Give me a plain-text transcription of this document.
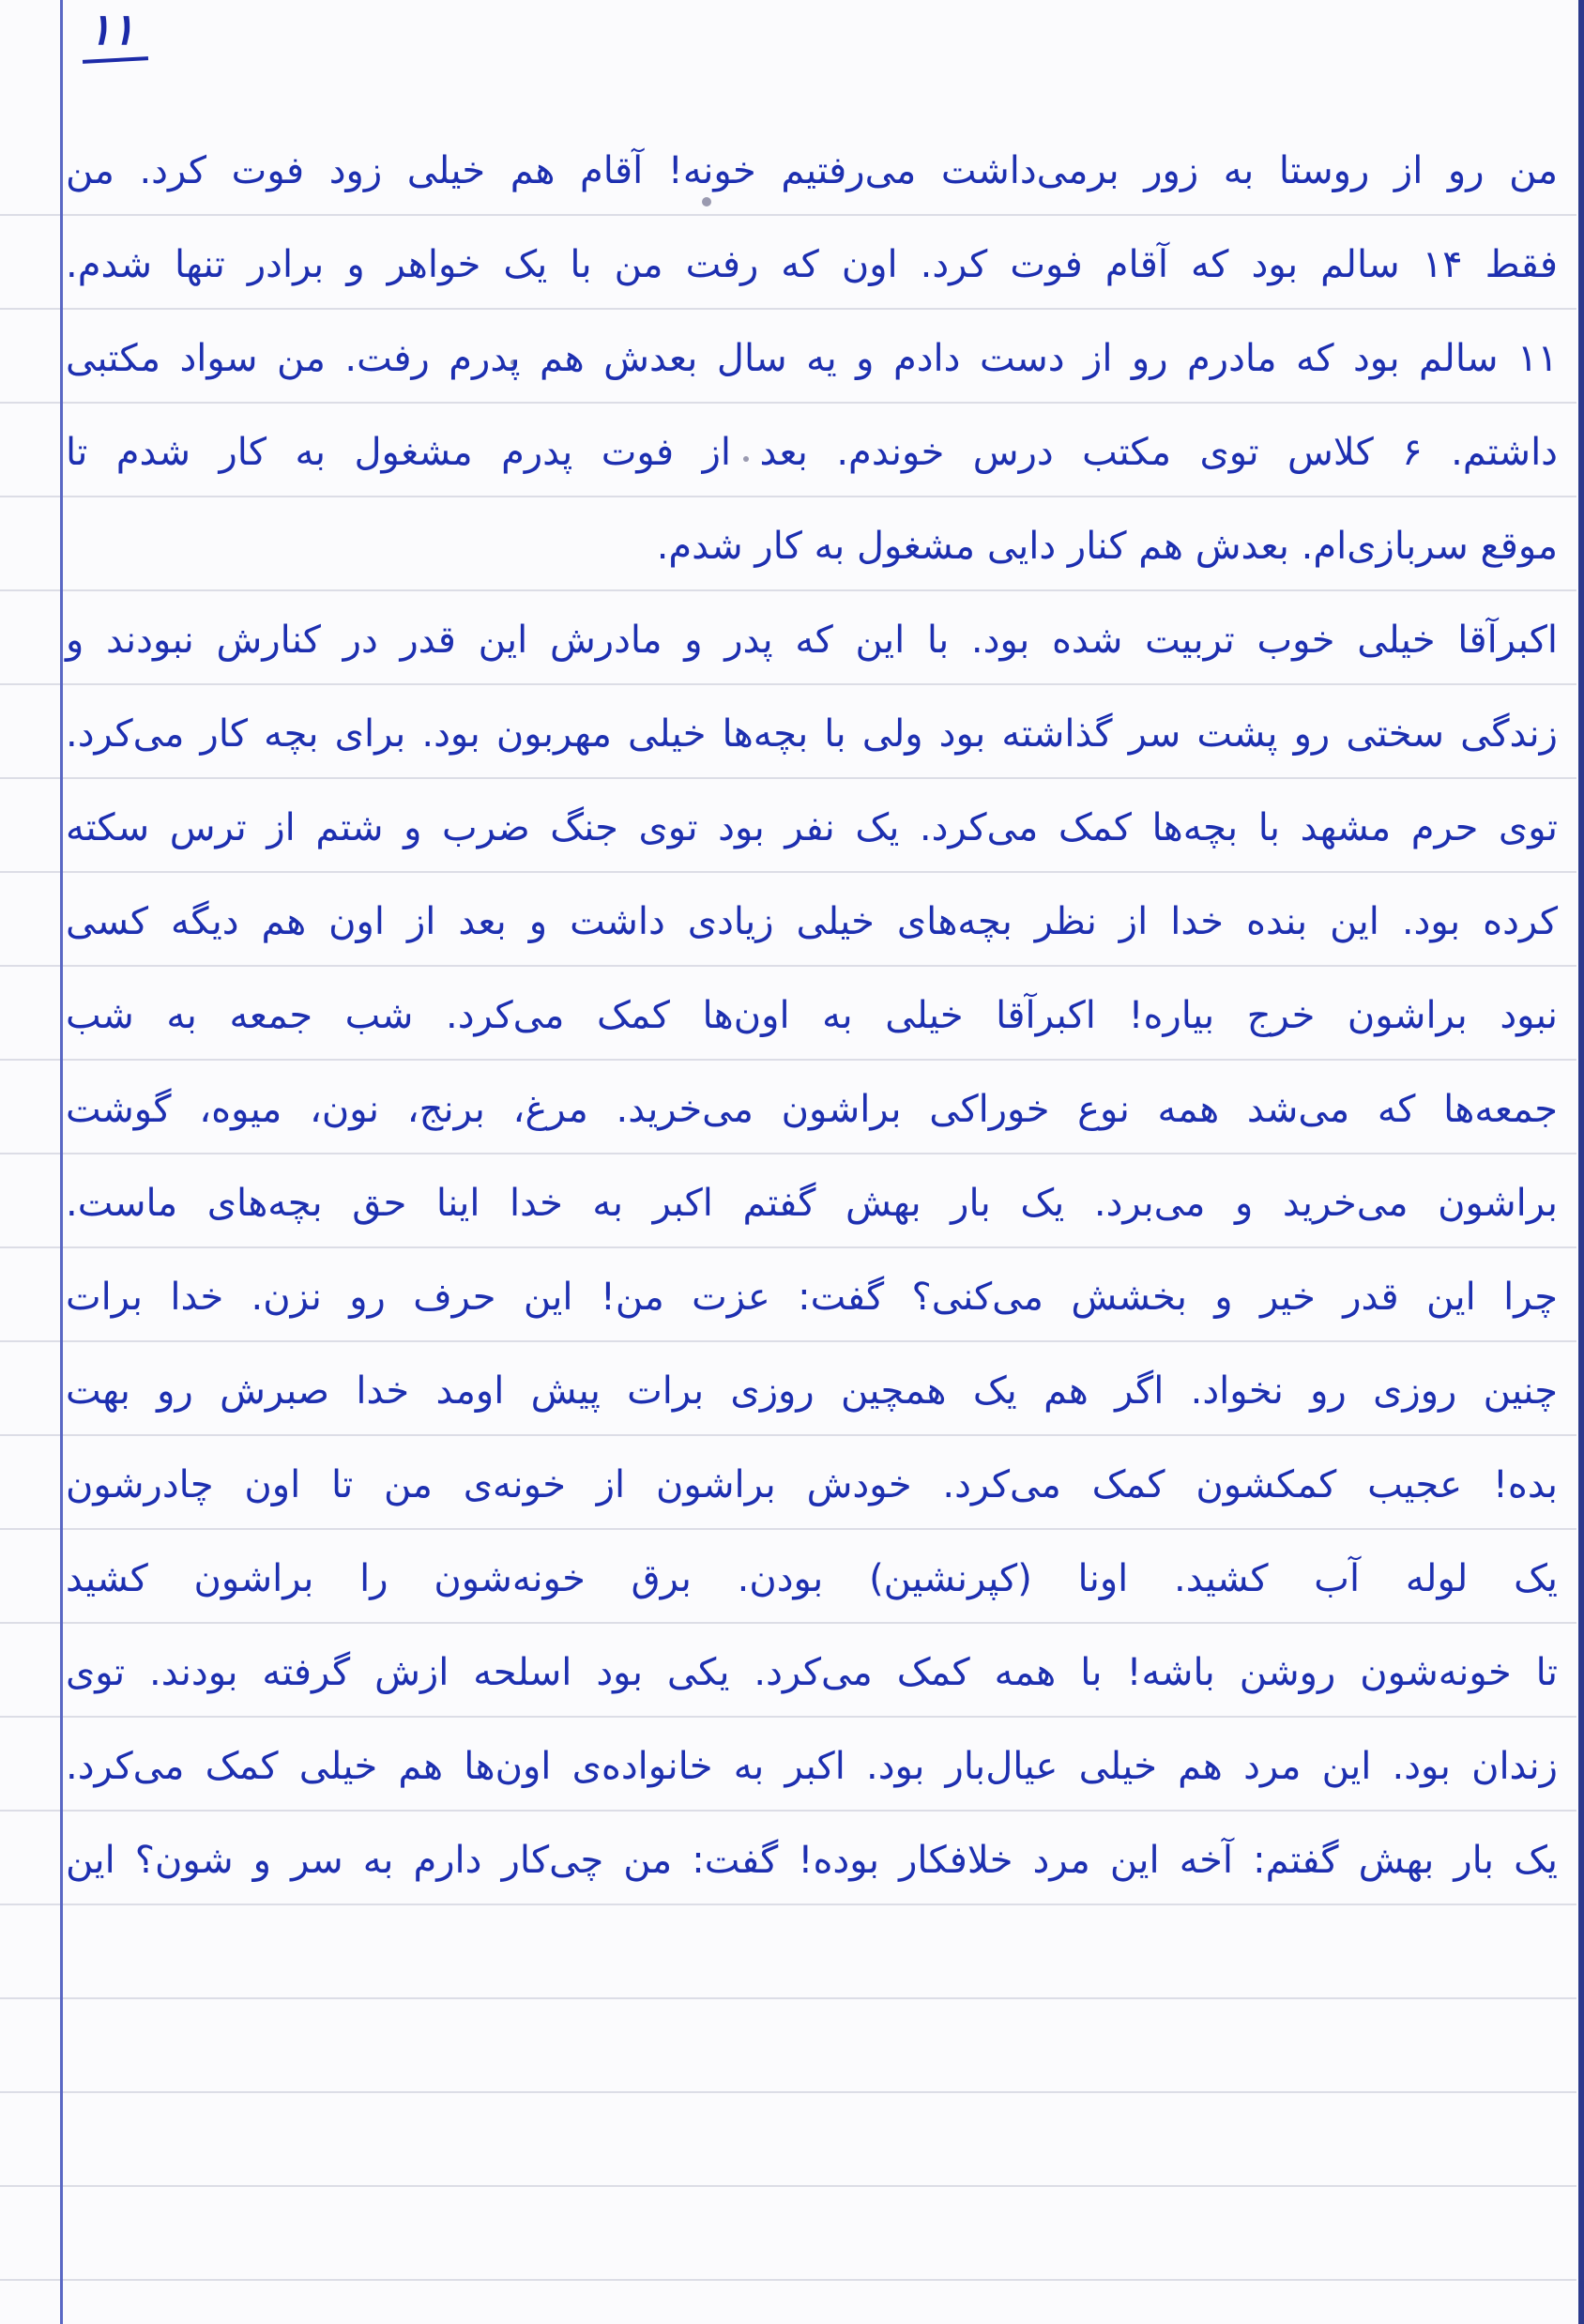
۱۱
من رو از روستا به زور برمی‌داشت می‌رفتیم خونه! آقام هم خیلی زود فوت کرد. من
فقط ۱۴ سالم بود که آقام فوت کرد. اون که رفت من با یک خواهر و برادر تنها شدم.
۱۱ سالم بود که مادرم رو از دست دادم و یه سال بعدش هم پدرم رفت. من سواد مکتبی
داشتم. ۶ کلاس توی مکتب درس خوندم. بعد از فوت پدرم مشغول به کار شدم تا
موقع سربازی‌ام. بعدش هم کنار دایی مشغول به کار شدم.
اکبرآقا خیلی خوب تربیت شده بود. با این که پدر و مادرش این قدر در کنارش نبودند و
زندگی سختی رو پشت سر گذاشته بود ولی با بچه‌ها خیلی مهربون بود. برای بچه کار می‌کرد.
توی حرم مشهد با بچه‌ها کمک می‌کرد. یک نفر بود توی جنگ ضرب و شتم از ترس سکته
کرده بود. این بنده خدا از نظر بچه‌های خیلی زیادی داشت و بعد از اون هم دیگه کسی
نبود برا‌شون خرج بیاره! اکبرآقا خیلی به اون‌ها کمک می‌کرد. شب جمعه به شب
جمعه‌ها که می‌شد همه نوع خوراکی براشون می‌خرید. مرغ، برنج، نون، میوه، گوشت
براشون می‌خرید و می‌برد. یک بار بهش گفتم اکبر به خدا اینا حق بچه‌های ماست.
چرا این قدر خیر و بخشش می‌کنی؟ گفت: عزت من! این حرف رو نزن. خدا برات
چنین روزی رو نخواد. اگر هم یک همچین روزی برات پیش اومد خدا صبرش رو بهت
بده! عجیب کمکشون کمک می‌کرد. خودش براشون از خونه‌ی من تا اون چادرشون
یک لوله آب کشید. اونا (کپرنشین) بودن. برق خونه‌شون را براشون کشید
تا خونه‌شون روشن باشه! با همه کمک می‌کرد. یکی بود اسلحه ازش گرفته بودند. توی
زندان بود. این مرد هم خیلی عیال‌بار بود. اکبر به خانواده‌ی اون‌ها هم خیلی کمک می‌کرد.
یک بار بهش گفتم: آخه این مرد خلافکار بوده! گفت: من چی‌کار دارم به سر و شون؟ این
